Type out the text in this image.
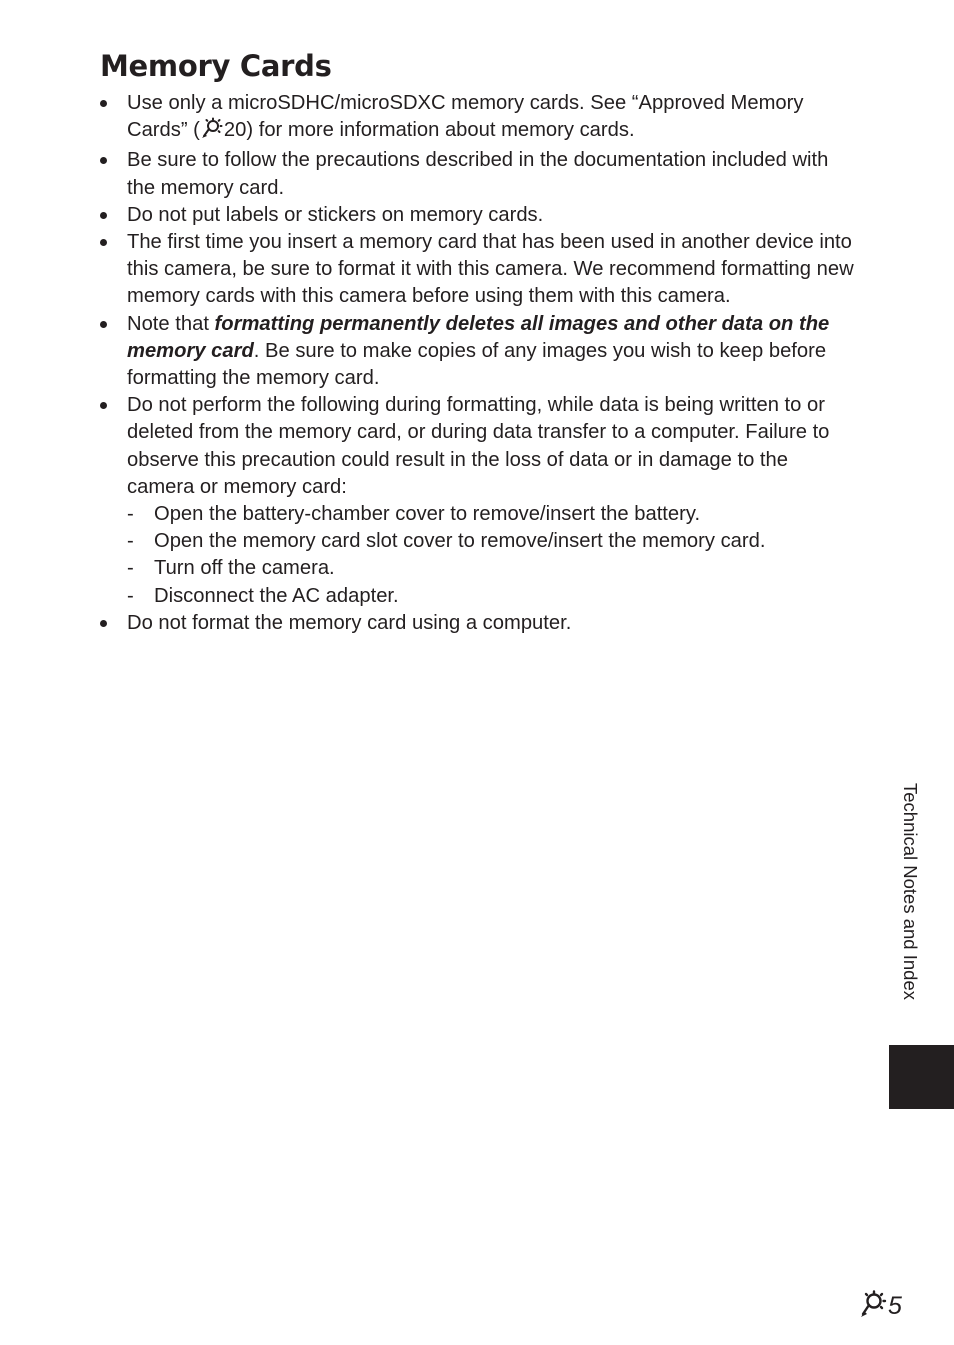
Memory Cards
Use only a microSDHC/microSDXC memory cards. See “Approved Memory Cards” ( 20) for more information about memory cards.
Be sure to follow the precautions described in the documentation included with the memory card.
Do not put labels or stickers on memory cards.
The first time you insert a memory card that has been used in another device into this camera, be sure to format it with this camera. We recommend formatting new memory cards with this camera before using them with this camera.
Note that formatting permanently deletes all images and other data on the memory card. Be sure to make copies of any images you wish to keep before formatting the memory card.
Do not perform the following during formatting, while data is being written to or deleted from the memory card, or during data transfer to a computer. Failure to observe this precaution could result in the loss of data or in damage to the camera or memory card:
- Open the battery-chamber cover to remove/insert the battery.
- Open the memory card slot cover to remove/insert the memory card.
- Turn off the camera.
- Disconnect the AC adapter.
Do not format the memory card using a computer.
Technical Notes and Index
5
